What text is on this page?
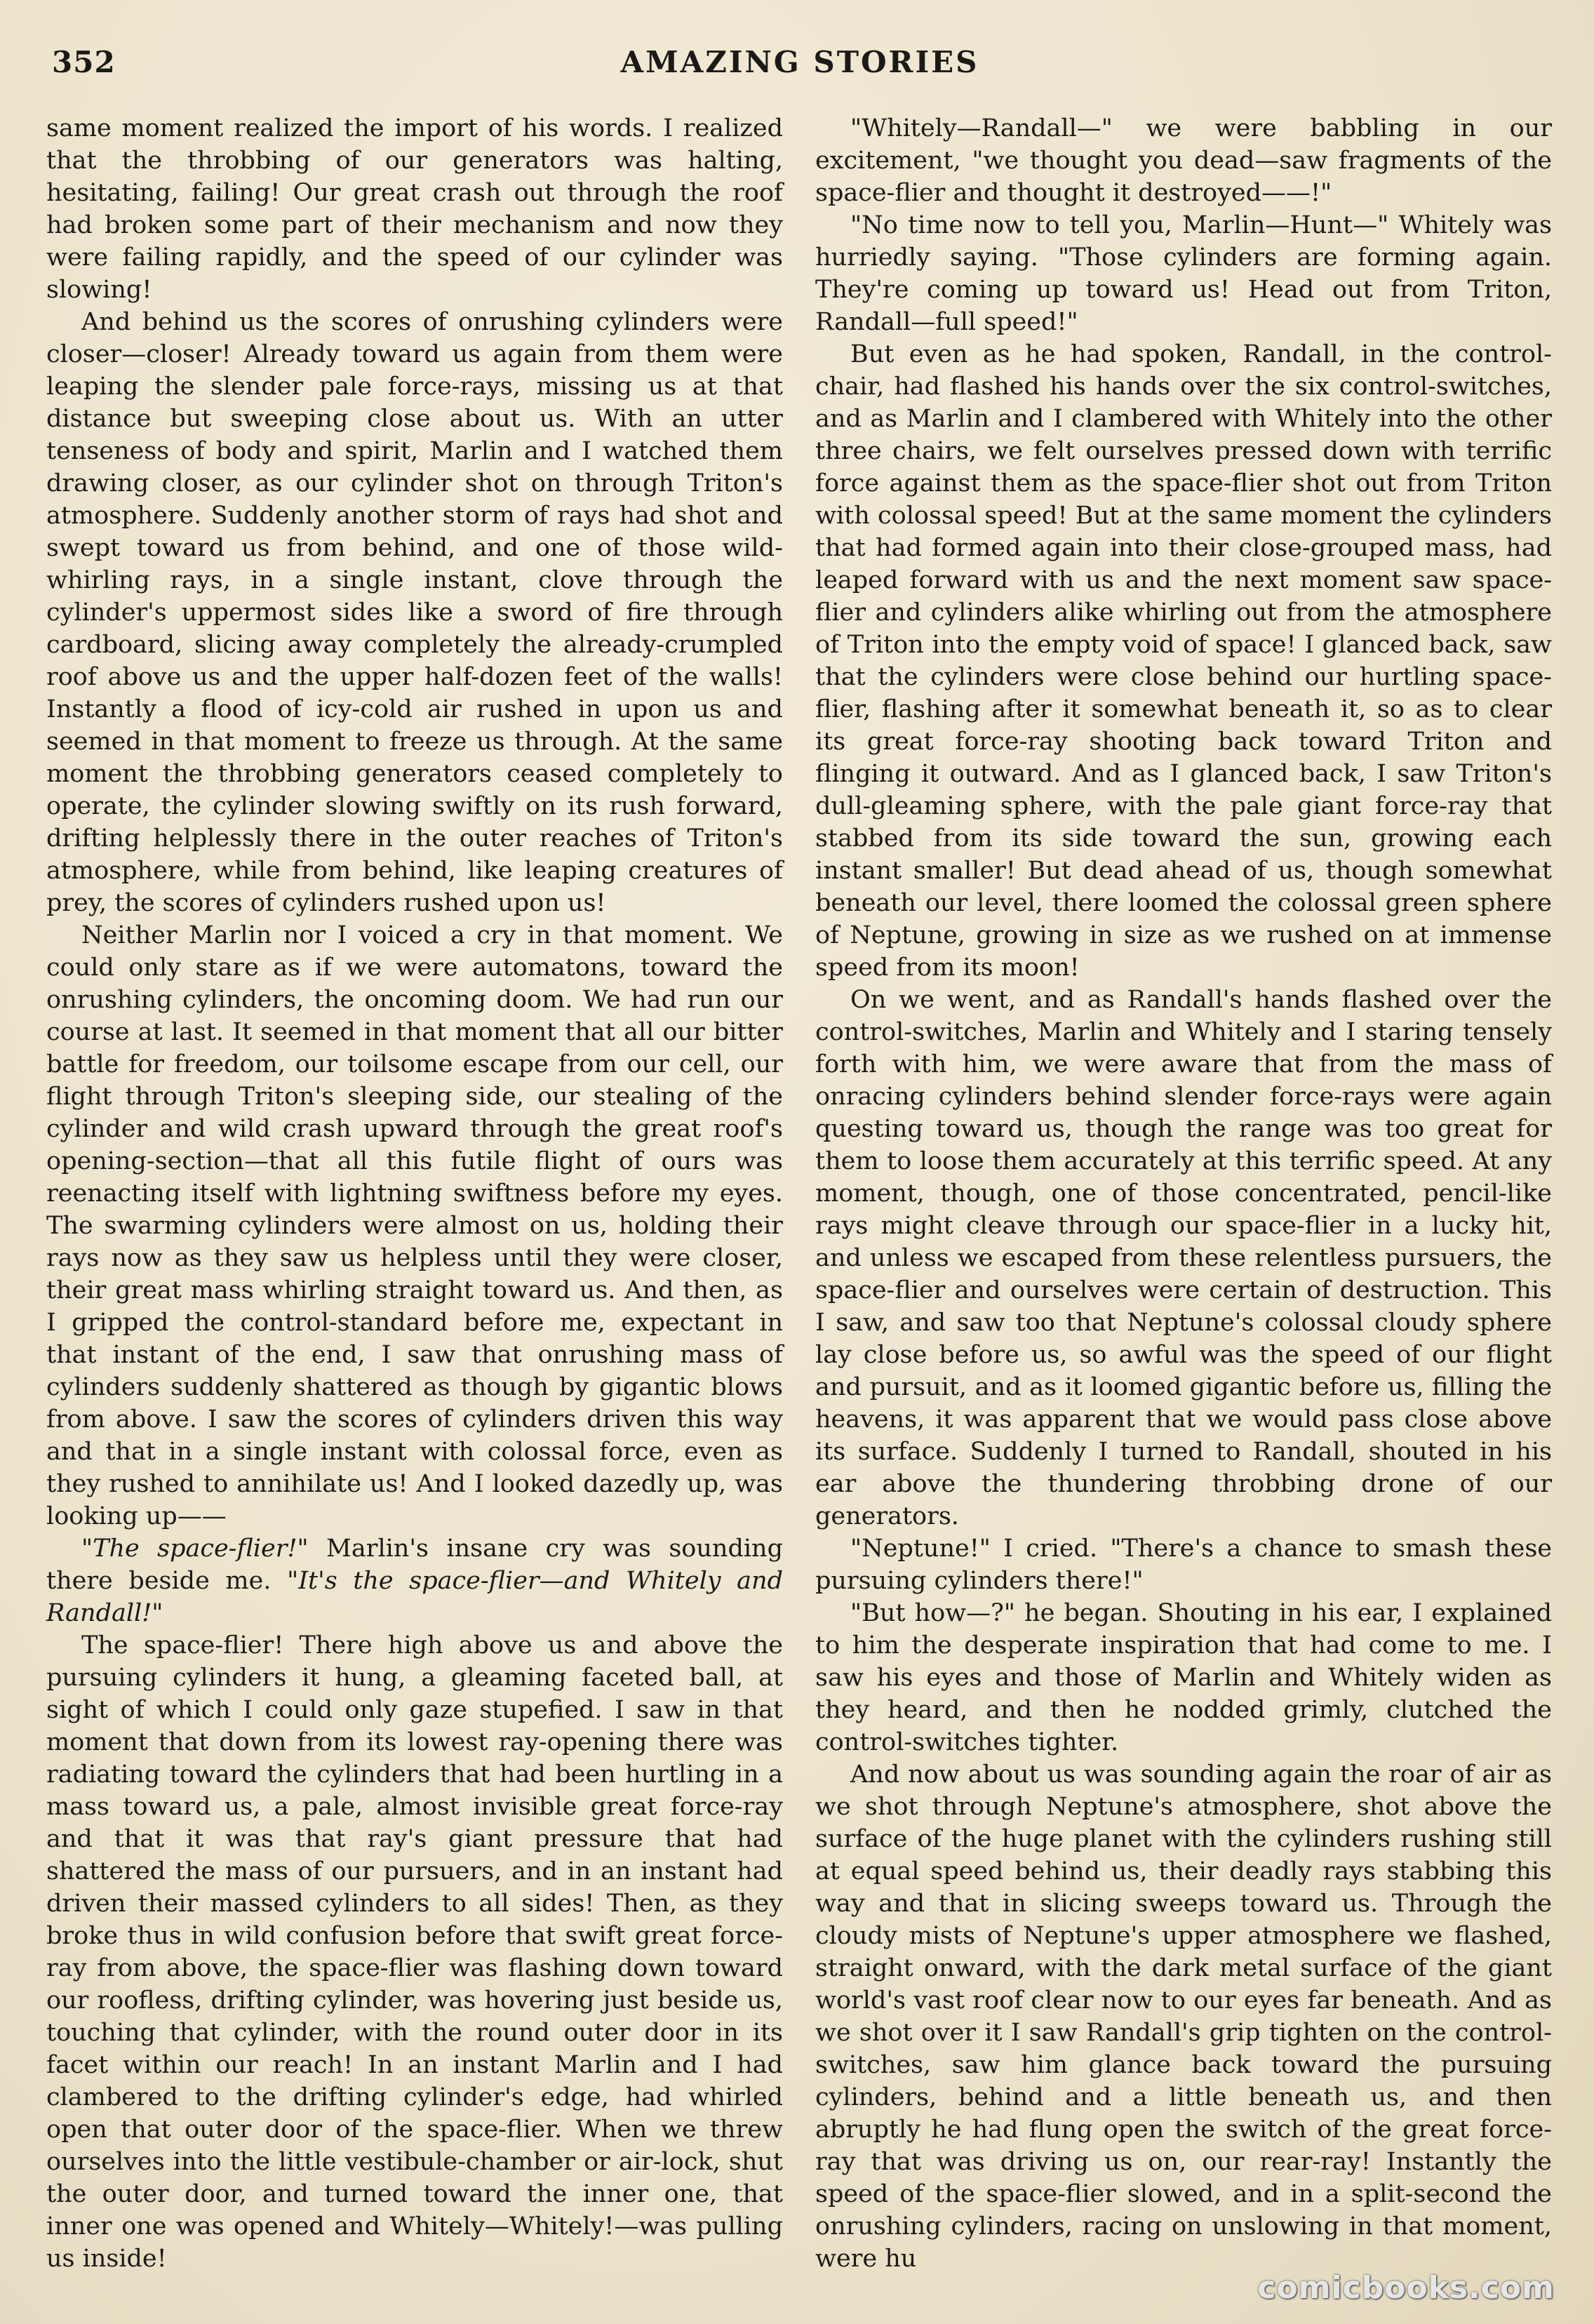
352	AMAZING STORIES

same moment realized the import of his words. I realized that the throbbing of our generators was halting, hesitating, failing! Our great crash out through the roof had broken some part of their mechanism and now they were failing rapidly, and the speed of our cylinder was slowing!

And behind us the scores of onrushing cylinders were closer—closer! Already toward us again from them were leaping the slender pale force-rays, missing us at that distance but sweeping close about us. With an utter tenseness of body and spirit, Marlin and I watched them drawing closer, as our cylinder shot on through Triton's atmosphere. Suddenly another storm of rays had shot and swept toward us from behind, and one of those wild-whirling rays, in a single instant, clove through the cylinder's uppermost sides like a sword of fire through cardboard, slicing away completely the already-crumpled roof above us and the upper half-dozen feet of the walls! Instantly a flood of icy-cold air rushed in upon us and seemed in that moment to freeze us through. At the same moment the throbbing generators ceased completely to operate, the cylinder slowing swiftly on its rush forward, drifting helplessly there in the outer reaches of Triton's atmosphere, while from behind, like leaping creatures of prey, the scores of cylinders rushed upon us!

Neither Marlin nor I voiced a cry in that moment. We could only stare as if we were automatons, toward the onrushing cylinders, the oncoming doom. We had run our course at last. It seemed in that moment that all our bitter battle for freedom, our toilsome escape from our cell, our flight through Triton's sleeping side, our stealing of the cylinder and wild crash upward through the great roof's opening-section—that all this futile flight of ours was reenacting itself with lightning swiftness before my eyes. The swarming cylinders were almost on us, holding their rays now as they saw us helpless until they were closer, their great mass whirling straight toward us. And then, as I gripped the control-standard before me, expectant in that instant of the end, I saw that onrushing mass of cylinders suddenly shattered as though by gigantic blows from above. I saw the scores of cylinders driven this way and that in a single instant with colossal force, even as they rushed to annihilate us! And I looked dazedly up, was looking up——

"The space-flier!" Marlin's insane cry was sounding there beside me. "It's the space-flier—and Whitely and Randall!"

The space-flier! There high above us and above the pursuing cylinders it hung, a gleaming faceted ball, at sight of which I could only gaze stupefied. I saw in that moment that down from its lowest ray-opening there was radiating toward the cylinders that had been hurtling in a mass toward us, a pale, almost invisible great force-ray and that it was that ray's giant pressure that had shattered the mass of our pursuers, and in an instant had driven their massed cylinders to all sides! Then, as they broke thus in wild confusion before that swift great force-ray from above, the space-flier was flashing down toward our roofless, drifting cylinder, was hovering just beside us, touching that cylinder, with the round outer door in its facet within our reach! In an instant Marlin and I had clambered to the drifting cylinder's edge, had whirled open that outer door of the space-flier. When we threw ourselves into the little vestibule-chamber or air-lock, shut the outer door, and turned toward the inner one, that inner one was opened and Whitely—Whitely!—was pulling us inside!

"Whitely—Randall—" we were babbling in our excitement, "we thought you dead—saw fragments of the space-flier and thought it destroyed——!"

"No time now to tell you, Marlin—Hunt—" Whitely was hurriedly saying. "Those cylinders are forming again. They're coming up toward us! Head out from Triton, Randall—full speed!"

But even as he had spoken, Randall, in the control-chair, had flashed his hands over the six control-switches, and as Marlin and I clambered with Whitely into the other three chairs, we felt ourselves pressed down with terrific force against them as the space-flier shot out from Triton with colossal speed! But at the same moment the cylinders that had formed again into their close-grouped mass, had leaped forward with us and the next moment saw space-flier and cylinders alike whirling out from the atmosphere of Triton into the empty void of space! I glanced back, saw that the cylinders were close behind our hurtling space-flier, flashing after it somewhat beneath it, so as to clear its great force-ray shooting back toward Triton and flinging it outward. And as I glanced back, I saw Triton's dull-gleaming sphere, with the pale giant force-ray that stabbed from its side toward the sun, growing each instant smaller! But dead ahead of us, though somewhat beneath our level, there loomed the colossal green sphere of Neptune, growing in size as we rushed on at immense speed from its moon!

On we went, and as Randall's hands flashed over the control-switches, Marlin and Whitely and I staring tensely forth with him, we were aware that from the mass of onracing cylinders behind slender force-rays were again questing toward us, though the range was too great for them to loose them accurately at this terrific speed. At any moment, though, one of those concentrated, pencil-like rays might cleave through our space-flier in a lucky hit, and unless we escaped from these relentless pursuers, the space-flier and ourselves were certain of destruction. This I saw, and saw too that Neptune's colossal cloudy sphere lay close before us, so awful was the speed of our flight and pursuit, and as it loomed gigantic before us, filling the heavens, it was apparent that we would pass close above its surface. Suddenly I turned to Randall, shouted in his ear above the thundering throbbing drone of our generators.

"Neptune!" I cried. "There's a chance to smash these pursuing cylinders there!"

"But how—?" he began. Shouting in his ear, I explained to him the desperate inspiration that had come to me. I saw his eyes and those of Marlin and Whitely widen as they heard, and then he nodded grimly, clutched the control-switches tighter.

And now about us was sounding again the roar of air as we shot through Neptune's atmosphere, shot above the surface of the huge planet with the cylinders rushing still at equal speed behind us, their deadly rays stabbing this way and that in slicing sweeps toward us. Through the cloudy mists of Neptune's upper atmosphere we flashed, straight onward, with the dark metal surface of the giant world's vast roof clear now to our eyes far beneath. And as we shot over it I saw Randall's grip tighten on the control-switches, saw him glance back toward the pursuing cylinders, behind and a little beneath us, and then abruptly he had flung open the switch of the great force-ray that was driving us on, our rear-ray! Instantly the speed of the space-flier slowed, and in a split-second the onrushing cylinders, racing on unslowing in that moment, were hu

comicbooks.com
